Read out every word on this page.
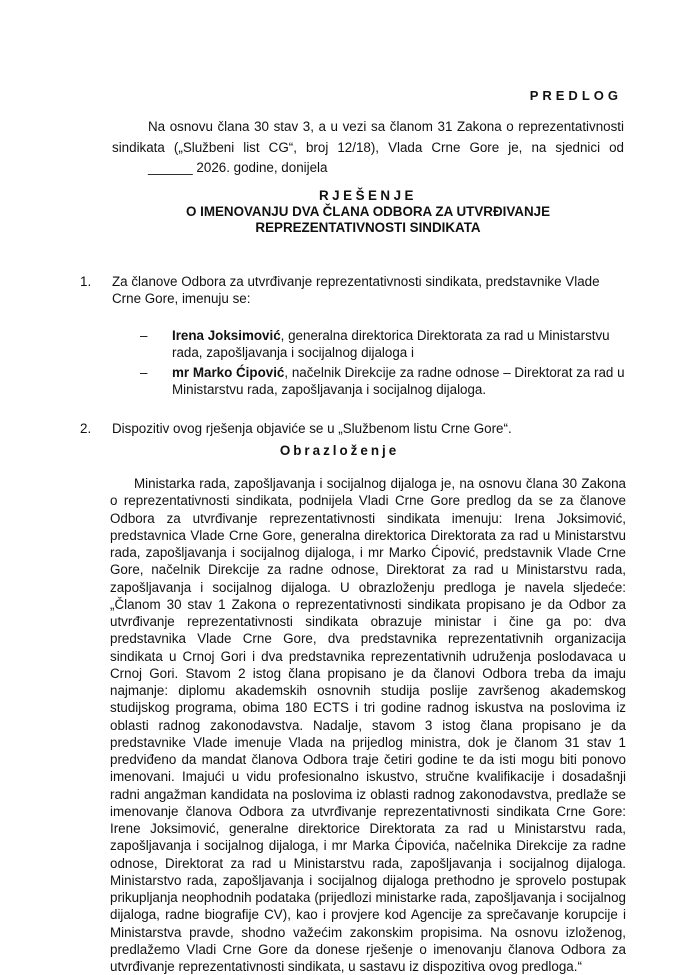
PREDLOG

Na osnovu člana 30 stav 3, a u vezi sa članom 31 Zakona o reprezentativnosti sindikata („Službeni list CG“, broj 12/18), Vlada Crne Gore je, na sjednici od ______ 2026. godine, donijela

RJEŠENJE
O IMENOVANJU DVA ČLANA ODBORA ZA UTVRĐIVANJE
REPREZENTATIVNOSTI SINDIKATA
1. Za članove Odbora za utvrđivanje reprezentativnosti sindikata, predstavnike Vlade Crne Gore, imenuju se:
– Irena Joksimović, generalna direktorica Direktorata za rad u Ministarstvu rada, zapošljavanja i socijalnog dijaloga i
– mr Marko Ćipović, načelnik Direkcije za radne odnose – Direktorat za rad u Ministarstvu rada, zapošljavanja i socijalnog dijaloga.
2. Dispozitiv ovog rješenja objaviće se u „Službenom listu Crne Gore“.
Obrazloženje

Ministarka rada, zapošljavanja i socijalnog dijaloga je, na osnovu člana 30 Zakona o reprezentativnosti sindikata, podnijela Vladi Crne Gore predlog da se za članove Odbora za utvrđivanje reprezentativnosti sindikata imenuju: Irena Joksimović, predstavnica Vlade Crne Gore, generalna direktorica Direktorata za rad u Ministarstvu rada, zapošljavanja i socijalnog dijaloga, i mr Marko Ćipović, predstavnik Vlade Crne Gore, načelnik Direkcije za radne odnose, Direktorat za rad u Ministarstvu rada, zapošljavanja i socijalnog dijaloga. U obrazloženju predloga je navela sljedeće: „Članom 30 stav 1 Zakona o reprezentativnosti sindikata propisano je da Odbor za utvrđivanje reprezentativnosti sindikata obrazuje ministar i čine ga po: dva predstavnika Vlade Crne Gore, dva predstavnika reprezentativnih organizacija sindikata u Crnoj Gori i dva predstavnika reprezentativnih udruženja poslodavaca u Crnoj Gori. Stavom 2 istog člana propisano je da članovi Odbora treba da imaju najmanje: diplomu akademskih osnovnih studija poslije završenog akademskog studijskog programa, obima 180 ECTS i tri godine radnog iskustva na poslovima iz oblasti radnog zakonodavstva. Nadalje, stavom 3 istog člana propisano je da predstavnike Vlade imenuje Vlada na prijedlog ministra, dok je članom 31 stav 1 predviđeno da mandat članova Odbora traje četiri godine te da isti mogu biti ponovo imenovani. Imajući u vidu profesionalno iskustvo, stručne kvalifikacije i dosadašnji radni angažman kandidata na poslovima iz oblasti radnog zakonodavstva, predlaže se imenovanje članova Odbora za utvrđivanje reprezentativnosti sindikata Crne Gore: Irene Joksimović, generalne direktorice Direktorata za rad u Ministarstvu rada, zapošljavanja i socijalnog dijaloga, i mr Marka Ćipovića, načelnika Direkcije za radne odnose, Direktorat za rad u Ministarstvu rada, zapošljavanja i socijalnog dijaloga. Ministarstvo rada, zapošljavanja i socijalnog dijaloga prethodno je sprovelo postupak prikupljanja neophodnih podataka (prijedlozi ministarke rada, zapošljavanja i socijalnog dijaloga, radne biografije CV), kao i provjere kod Agencije za sprečavanje korupcije i Ministarstva pravde, shodno važećim zakonskim propisima. Na osnovu izloženog, predlažemo Vladi Crne Gore da donese rješenje o imenovanju članova Odbora za utvrđivanje reprezentativnosti sindikata, u sastavu iz dispozitiva ovog predloga.“
